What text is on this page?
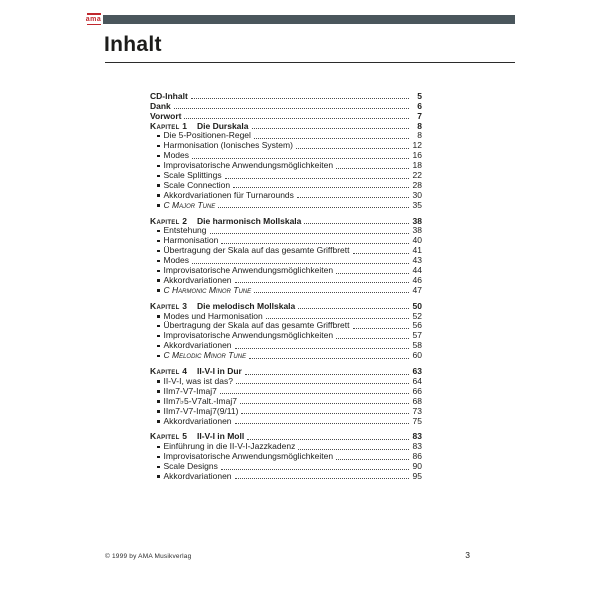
ama
Inhalt
CD-Inhalt	5
Dank	6
Vorwort	7
Kapitel 1	Die Durskala	8
Die 5-Positionen-Regel	8
Harmonisation (Ionisches System)	12
Modes	16
Improvisatorische Anwendungsmöglichkeiten	18
Scale Splittings	22
Scale Connection	28
Akkordvariationen für Turnarounds	30
C Major Tune	35
Kapitel 2	Die harmonisch Mollskala	38
Entstehung	38
Harmonisation	40
Übertragung der Skala auf das gesamte Griffbrett	41
Modes	43
Improvisatorische Anwendungsmöglichkeiten	44
Akkordvariationen	46
C Harmonic Minor Tune	47
Kapitel 3	Die melodisch Mollskala	50
Modes und Harmonisation	52
Übertragung der Skala auf das gesamte Griffbrett	56
Improvisatorische Anwendungsmöglichkeiten	57
Akkordvariationen	58
C Melodic Minor Tune	60
Kapitel 4	II-V-I in Dur	63
II-V-I, was ist das?	64
IIm7-V7-Imaj7	66
IIm7♭5-V7alt.-Imaj7	68
IIm7-V7-Imaj7(9/11)	73
Akkordvariationen	75
Kapitel 5	II-V-I in Moll	83
Einführung in die II-V-I-Jazzkadenz	83
Improvisatorische Anwendungsmöglichkeiten	86
Scale Designs	90
Akkordvariationen	95
© 1999 by AMA Musikverlag	3
